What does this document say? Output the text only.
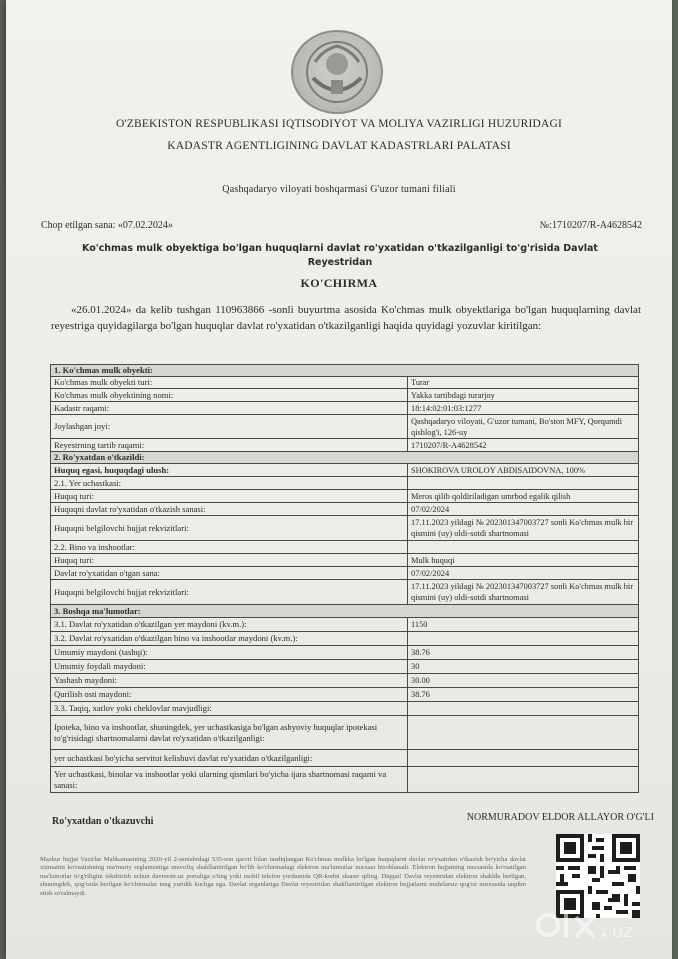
O'ZBEKISTON RESPUBLIKASI IQTISODIYOT VA MOLIYA VAZIRLIGI HUZURIDAGI
KADASTR AGENTLIGINING DAVLAT KADASTRLARI PALATASI
Qashqadaryo viloyati boshqarmasi G'uzor tumani filiali
Chop etilgan sana: «07.02.2024»	№:1710207/R-A4628542
Ko'chmas mulk obyektiga bo'lgan huquqlarni davlat ro'yxatidan o'tkazilganligi to'g'risida Davlat Reyestridan
KO'CHIRMA
«26.01.2024» da kelib tushgan 110963866 -sonli buyurtma asosida Ko'chmas mulk obyektlariga bo'lgan huquqlarning davlat reyestriga quyidagilarga bo'lgan huquqlar davlat ro'yxatidan o'tkazilganligi haqida quyidagi yozuvlar kiritilgan:
1. Ko'chmas mulk obyekti:	
Ko'chmas mulk obyekti turi:	Turar
Ko'chmas mulk obyektining nomi:	Yakka tartibdagi turarjoy
Kadastr raqami:	18:14:02:01:03:1277
Joylashgan joyi:	Qashqadaryo viloyati, G'uzor tumani, Bo'ston MFY, Qorqumdi qishlog'i, 126-uy
Reyestrning tartib raqami:	1710207/R-A4628542
2. Ro'yxatdan o'tkazildi:	
Huquq egasi, huquqdagi ulush:	SHOKIROVA UROLOY ABDISAIDOVNA, 100%
2.1. Yer uchastkasi:	
Huquq turi:	Meros qilib qoldiriladigan umrbod egalik qilish
Huquqni davlat ro'yxatidan o'tkazish sanasi:	07/02/2024
Huquqni belgilovchi hujjat rekvizitlari:	17.11.2023 yildagi № 202301347003727 sonli Ko'chmas mulk bir qismini (uy) oldi-sotdi shartnomasi
2.2. Bino va inshootlar:	
Huquq turi:	Mulk huquqi
Davlat ro'yxatidan o'tgan sana:	07/02/2024
Huquqni belgilovchi hujjat rekvizitlari:	17.11.2023 yildagi № 202301347003727 sonli Ko'chmas mulk bir qismini (uy) oldi-sotdi shartnomasi
3. Boshqa ma'lumotlar:	
3.1. Davlat ro'yxatidan o'tkazilgan yer maydoni (kv.m.):	1150
3.2. Davlat ro'yxatidan o'tkazilgan bino va inshootlar maydoni (kv.m.):	
Umumiy maydoni (tashqi):	38.76
Umumiy foydali maydoni:	30
Yashash maydoni:	30.00
Qurilish osti maydoni:	38.76
3.3. Taqiq, xatlov yoki cheklovlar mavjudligi:	
Ipoteka, bino va inshootlar, shuningdek, yer uchastkasiga bo'lgan ashyoviy huquqlar ipotekasi to'g'risidagi shartnomalarni davlat ro'yxatidan o'tkazilganligi:	
yer uchastkasi bo'yicha servitut kelishuvi davlat ro'yxatidan o'tkazilganligi:	
Yer uchastkasi, binolar va inshootlar yoki ularning qismlari bo'yicha ijara shartnomasi raqami va sanasi:	
Ro'yxatdan o'tkazuvchi	NORMURADOV ELDOR ALLAYOR O'G'LI
Mazkur hujjat Vazirlar Mahkamasining 2020-yil 2-sentabrdagi 535-son qarori bilan tasdiqlangan Ko'chmas mulkka bo'lgan huquqlarni davlat ro'yxatidan o'tkazish bo'yicha davlat xizmatini ko'rsatishning ma'muriy reglamentiga muvofiq shakllantirilgan bo'lib ko'chirmadagi elektron ma'lumotlar nusxasi hisoblanadi. Elektron hujjatning nusxasida ko'rsatilgan ma'lumotlar to'g'riligini tekshirish uchun davreestr.uz portaliga o'ting yoki mobil telefon yordamida QR-kodni skaner qiling. Diqqat! Davlat reyestridan elektron shaklda berilgan, shuningdek, qog'ozda berilgan ko'chirmalar teng yuridik kuchga ega. Davlat organlariga Davlat reyestridan shakllantirilgan elektron hujjatlarni muhrlarsiz qog'oz nusxasida taqdim etish so'ralmaydi.
uz
